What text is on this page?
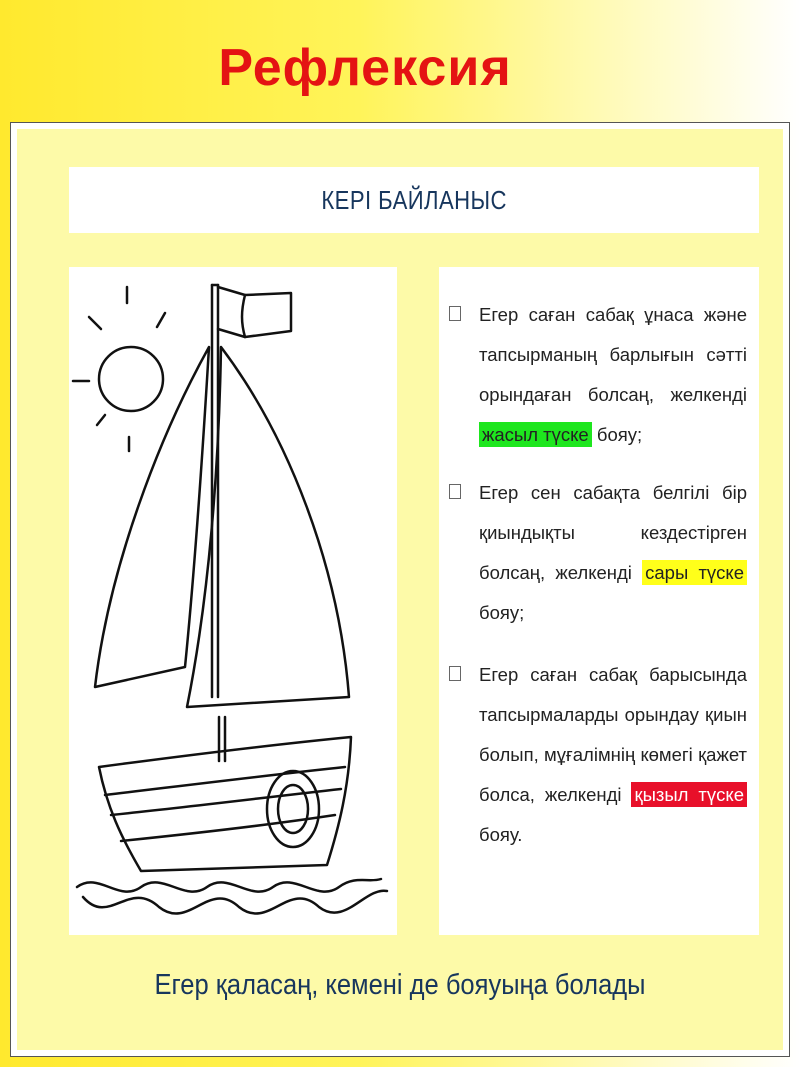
Рефлексия
КЕРІ БАЙЛАНЫС
Егер саған сабақ ұнаса және тапсырманың барлығын сәтті орындаған болсаң, желкенді жасыл түске бояу;
Егер сен сабақта белгілі бір қиындықты кездестірген болсаң, желкенді сары түске бояу;
Егер саған сабақ барысында тапсырмаларды орындау қиын болып, мұғалімнің көмегі қажет болса, желкенді қызыл түске бояу.
Егер қаласаң, кемені де бояуыңа болады
